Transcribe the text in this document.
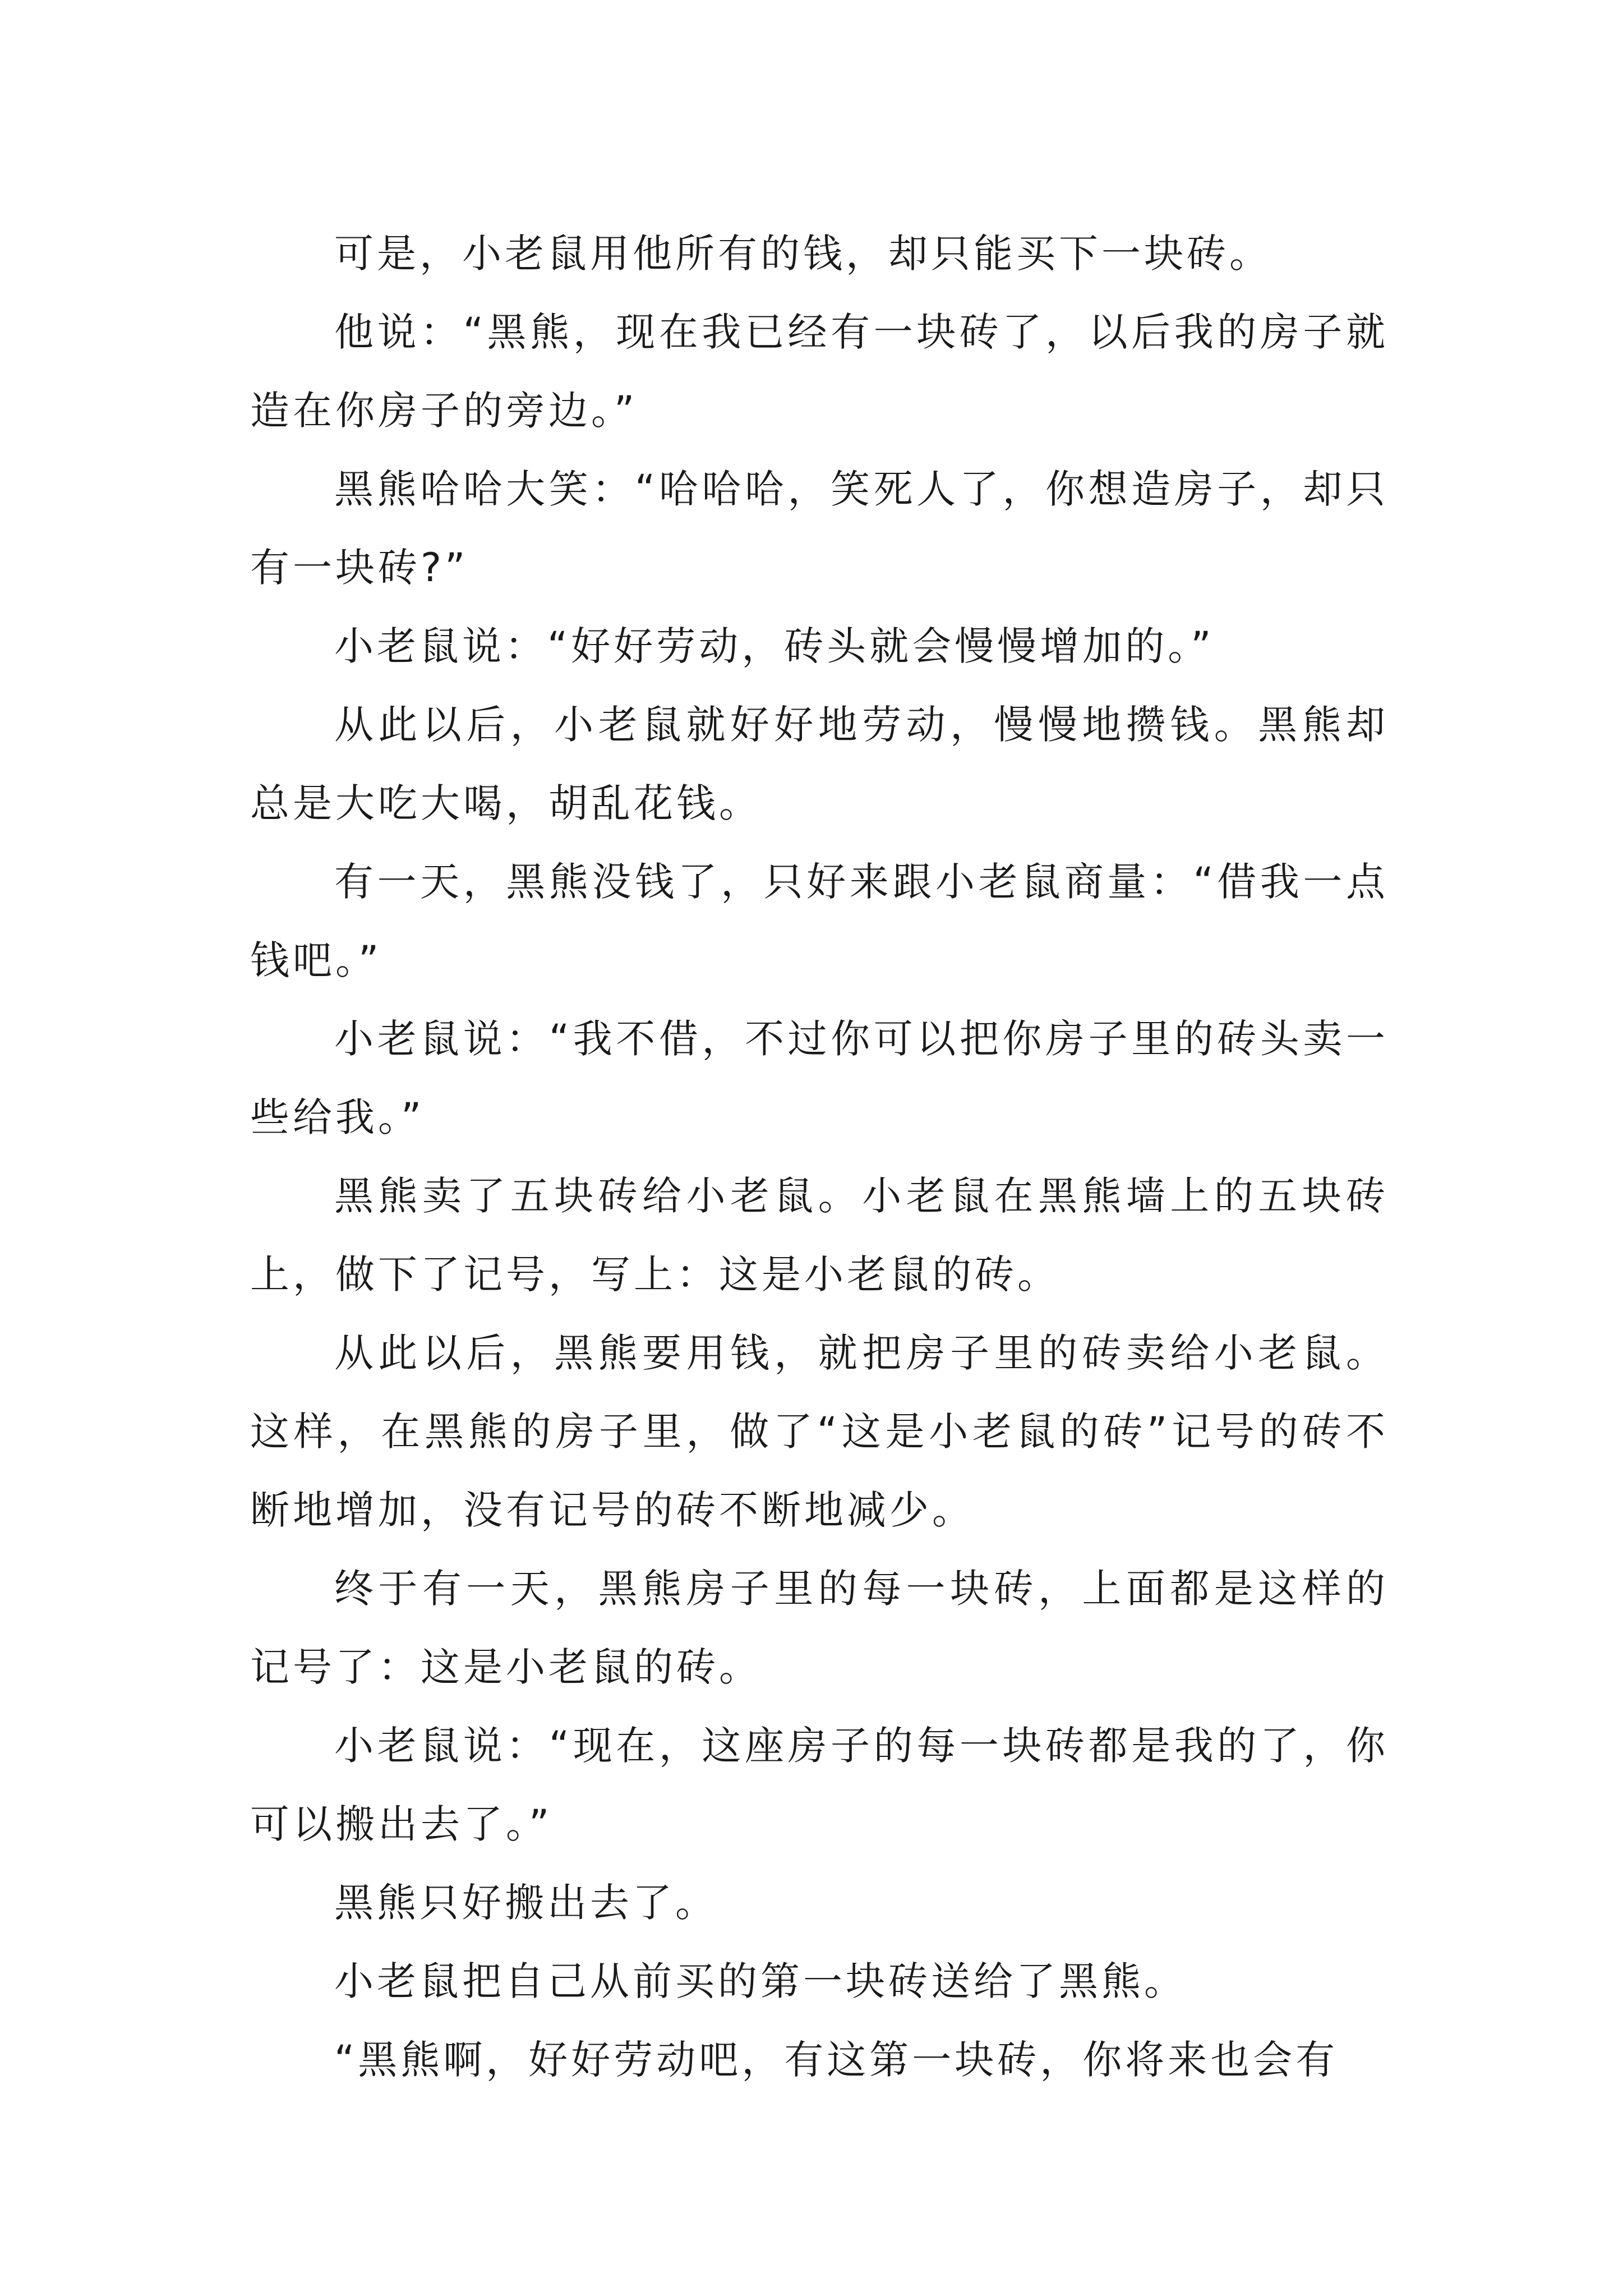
可是，小老鼠用他所有的钱，却只能买下一块砖。

他说：“黑熊，现在我已经有一块砖了，以后我的房子就造在你房子的旁边。”

黑熊哈哈大笑：“哈哈哈，笑死人了，你想造房子，却只有一块砖?”

小老鼠说：“好好劳动，砖头就会慢慢增加的。”

从此以后，小老鼠就好好地劳动，慢慢地攒钱。黑熊却总是大吃大喝，胡乱花钱。

有一天，黑熊没钱了，只好来跟小老鼠商量：“借我一点钱吧。”

小老鼠说：“我不借，不过你可以把你房子里的砖头卖一些给我。”

黑熊卖了五块砖给小老鼠。小老鼠在黑熊墙上的五块砖上，做下了记号，写上：这是小老鼠的砖。

从此以后，黑熊要用钱，就把房子里的砖卖给小老鼠。这样，在黑熊的房子里，做了“这是小老鼠的砖”记号的砖不断地增加，没有记号的砖不断地减少。

终于有一天，黑熊房子里的每一块砖，上面都是这样的记号了：这是小老鼠的砖。

小老鼠说：“现在，这座房子的每一块砖都是我的了，你可以搬出去了。”

黑熊只好搬出去了。

小老鼠把自己从前买的第一块砖送给了黑熊。

“黑熊啊，好好劳动吧，有这第一块砖，你将来也会有
